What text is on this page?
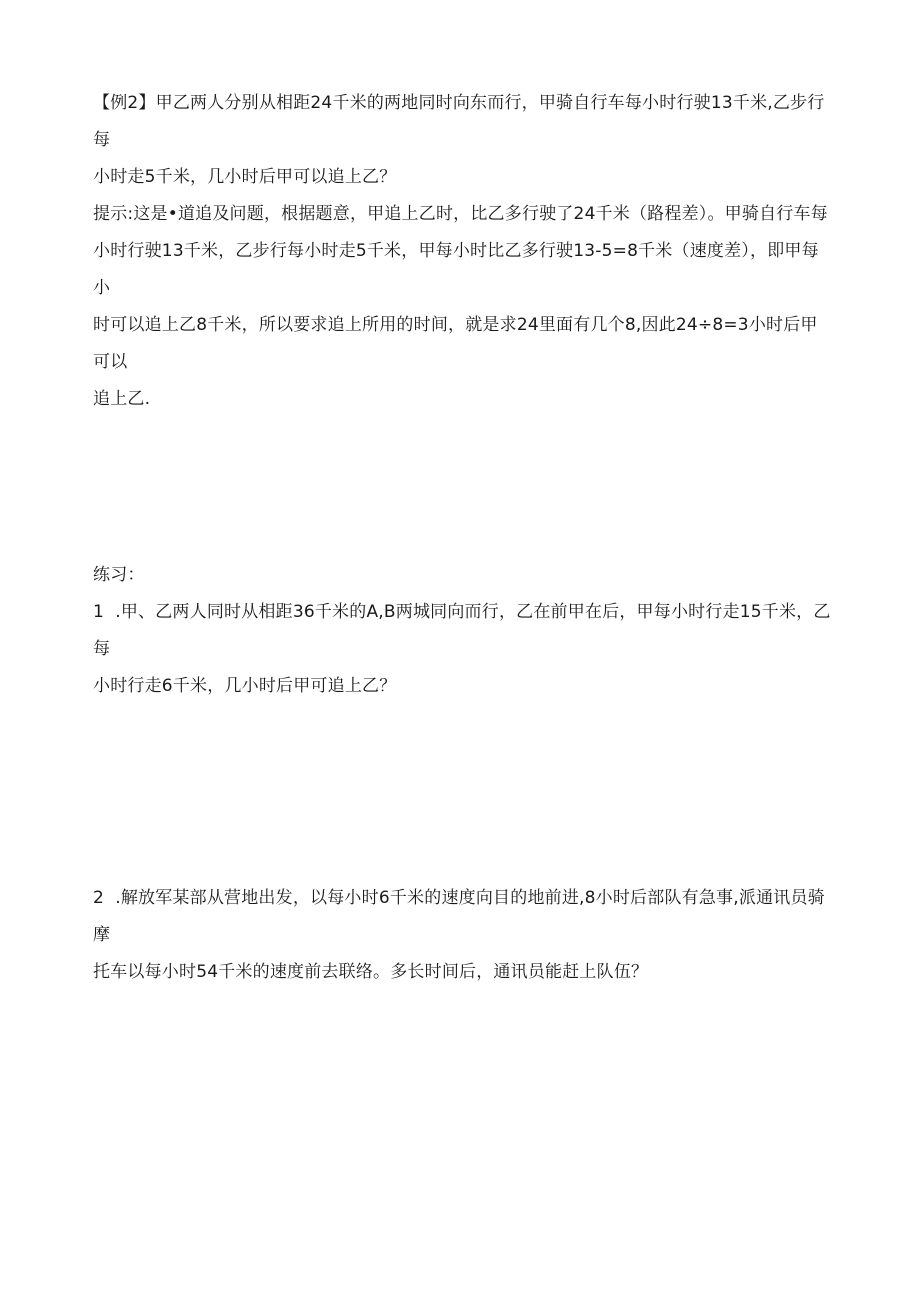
【例2】甲乙两人分别从相距24千米的两地同时向东而行，甲骑自行车每小时行驶13千米,乙步行每

小时走5千米，几小时后甲可以追上乙？

提示:这是•道追及问题，根据题意，甲追上乙时，比乙多行驶了24千米（路程差）。甲骑自行车每

小时行驶13千米，乙步行每小时走5千米，甲每小时比乙多行驶13-5=8千米（速度差），即甲每小

时可以追上乙8千米，所以要求追上所用的时间，就是求24里面有几个8,因此24÷8=3小时后甲可以

追上乙.

练习：

1  .甲、乙两人同时从相距36千米的A,B两城同向而行，乙在前甲在后，甲每小时行走15千米，乙每

小时行走6千米，几小时后甲可追上乙？

2  .解放军某部从营地出发，以每小时6千米的速度向目的地前进,8小时后部队有急事,派通讯员骑摩

托车以每小时54千米的速度前去联络。多长时间后，通讯员能赶上队伍？
